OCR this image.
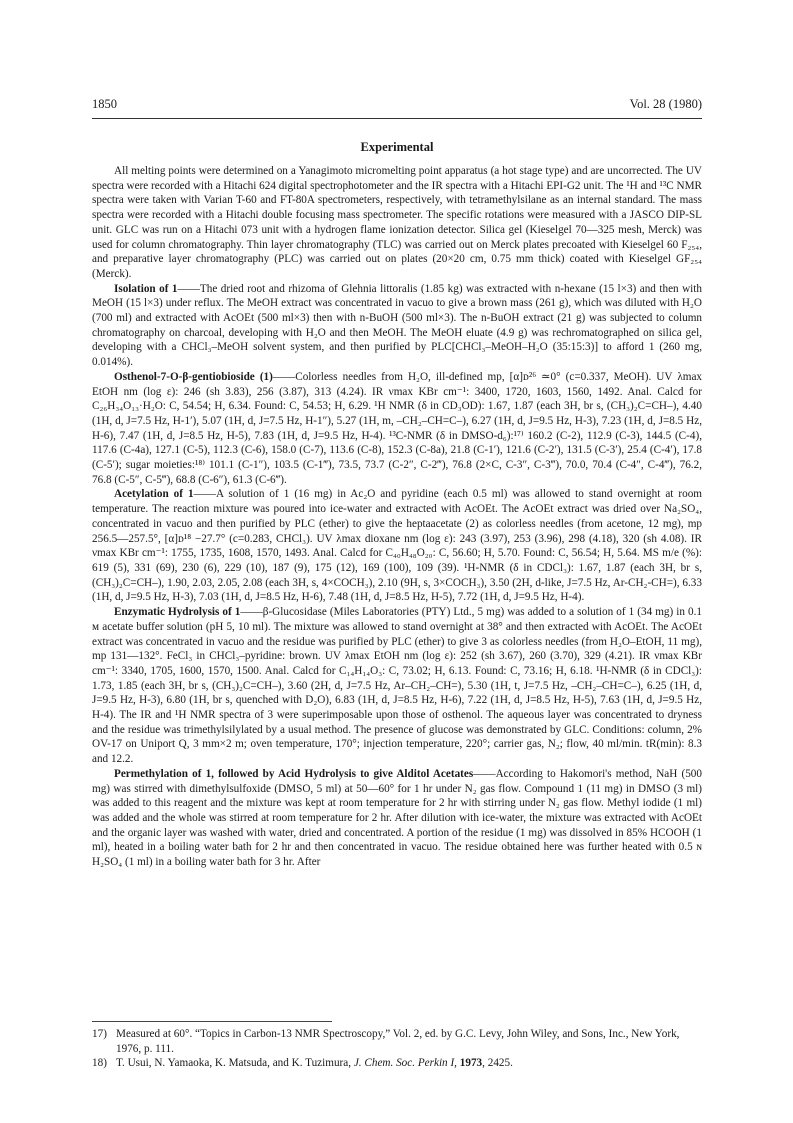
1850	Vol. 28 (1980)
Experimental

All melting points were determined on a Yanagimoto micromelting point apparatus (a hot stage type) and are uncorrected. The UV spectra were recorded with a Hitachi 624 digital spectrophotometer and the IR spectra with a Hitachi EPI-G2 unit. The ¹H and ¹³C NMR spectra were taken with Varian T-60 and FT-80A spectrometers, respectively, with tetramethylsilane as an internal standard. The mass spectra were recorded with a Hitachi double focusing mass spectrometer. The specific rotations were measured with a JASCO DIP-SL unit. GLC was run on a Hitachi 073 unit with a hydrogen flame ionization detector. Silica gel (Kieselgel 70—325 mesh, Merck) was used for column chromatography. Thin layer chromatography (TLC) was carried out on Merck plates precoated with Kieselgel 60 F₂₅₄, and preparative layer chromatography (PLC) was carried out on plates (20×20 cm, 0.75 mm thick) coated with Kieselgel GF₂₅₄ (Merck).

Isolation of 1——The dried root and rhizoma of Glehnia littoralis (1.85 kg) was extracted with n-hexane (15 l×3) and then with MeOH (15 l×3) under reflux. The MeOH extract was concentrated in vacuo to give a brown mass (261 g), which was diluted with H₂O (700 ml) and extracted with AcOEt (500 ml×3) then with n-BuOH (500 ml×3). The n-BuOH extract (21 g) was subjected to column chromatography on charcoal, developing with H₂O and then MeOH. The MeOH eluate (4.9 g) was rechromatographed on silica gel, developing with a CHCl₃–MeOH solvent system, and then purified by PLC[CHCl₃–MeOH–H₂O (35:15:3)] to afford 1 (260 mg, 0.014%).

Osthenol-7-O-β-gentiobioside (1)——Colorless needles from H₂O, ill-defined mp, [α]ᴅ²⁶ ≃0° (c=0.337, MeOH). UV λmax EtOH nm (log ε): 246 (sh 3.83), 256 (3.87), 313 (4.24). IR νmax KBr cm⁻¹: 3400, 1720, 1603, 1560, 1492. Anal. Calcd for C₂₆H₃₄O₁₃·H₂O: C, 54.54; H, 6.34. Found: C, 54.53; H, 6.29. ¹H NMR (δ in CD₃OD): 1.67, 1.87 (each 3H, br s, (CH₃)₂C=CH–), 4.40 (1H, d, J=7.5 Hz, H-1′), 5.07 (1H, d, J=7.5 Hz, H-1″), 5.27 (1H, m, –CH₂–CH=C–), 6.27 (1H, d, J=9.5 Hz, H-3), 7.23 (1H, d, J=8.5 Hz, H-6), 7.47 (1H, d, J=8.5 Hz, H-5), 7.83 (1H, d, J=9.5 Hz, H-4). ¹³C-NMR (δ in DMSO-d₆):¹⁷⁾ 160.2 (C-2), 112.9 (C-3), 144.5 (C-4), 117.6 (C-4a), 127.1 (C-5), 112.3 (C-6), 158.0 (C-7), 113.6 (C-8), 152.3 (C-8a), 21.8 (C-1′), 121.6 (C-2′), 131.5 (C-3′), 25.4 (C-4′), 17.8 (C-5′); sugar moieties:¹⁸⁾ 101.1 (C-1″), 103.5 (C-1‴), 73.5, 73.7 (C-2″, C-2‴), 76.8 (2×C, C-3″, C-3‴), 70.0, 70.4 (C-4″, C-4‴), 76.2, 76.8 (C-5″, C-5‴), 68.8 (C-6″), 61.3 (C-6‴).

Acetylation of 1——A solution of 1 (16 mg) in Ac₂O and pyridine (each 0.5 ml) was allowed to stand overnight at room temperature. The reaction mixture was poured into ice-water and extracted with AcOEt. The AcOEt extract was dried over Na₂SO₄, concentrated in vacuo and then purified by PLC (ether) to give the heptaacetate (2) as colorless needles (from acetone, 12 mg), mp 256.5—257.5°, [α]ᴅ¹⁸ −27.7° (c=0.283, CHCl₃). UV λmax dioxane nm (log ε): 243 (3.97), 253 (3.96), 298 (4.18), 320 (sh 4.08). IR νmax KBr cm⁻¹: 1755, 1735, 1608, 1570, 1493. Anal. Calcd for C₄₀H₄₈O₂₀: C, 56.60; H, 5.70. Found: C, 56.54; H, 5.64. MS m/e (%): 619 (5), 331 (69), 230 (6), 229 (10), 187 (9), 175 (12), 169 (100), 109 (39). ¹H-NMR (δ in CDCl₃): 1.67, 1.87 (each 3H, br s, (CH₃)₂C=CH–), 1.90, 2.03, 2.05, 2.08 (each 3H, s, 4×COCH₃), 2.10 (9H, s, 3×COCH₃), 3.50 (2H, d-like, J=7.5 Hz, Ar-CH₂-CH=), 6.33 (1H, d, J=9.5 Hz, H-3), 7.03 (1H, d, J=8.5 Hz, H-6), 7.48 (1H, d, J=8.5 Hz, H-5), 7.72 (1H, d, J=9.5 Hz, H-4).

Enzymatic Hydrolysis of 1——β-Glucosidase (Miles Laboratories (PTY) Ltd., 5 mg) was added to a solution of 1 (34 mg) in 0.1 ᴍ acetate buffer solution (pH 5, 10 ml). The mixture was allowed to stand overnight at 38° and then extracted with AcOEt. The AcOEt extract was concentrated in vacuo and the residue was purified by PLC (ether) to give 3 as colorless needles (from H₂O–EtOH, 11 mg), mp 131—132°. FeCl₃ in CHCl₃–pyridine: brown. UV λmax EtOH nm (log ε): 252 (sh 3.67), 260 (3.70), 329 (4.21). IR νmax KBr cm⁻¹: 3340, 1705, 1600, 1570, 1500. Anal. Calcd for C₁₄H₁₄O₃: C, 73.02; H, 6.13. Found: C, 73.16; H, 6.18. ¹H-NMR (δ in CDCl₃): 1.73, 1.85 (each 3H, br s, (CH₃)₂C=CH–), 3.60 (2H, d, J=7.5 Hz, Ar–CH₂–CH=), 5.30 (1H, t, J=7.5 Hz, –CH₂–CH=C–), 6.25 (1H, d, J=9.5 Hz, H-3), 6.80 (1H, br s, quenched with D₂O), 6.83 (1H, d, J=8.5 Hz, H-6), 7.22 (1H, d, J=8.5 Hz, H-5), 7.63 (1H, d, J=9.5 Hz, H-4). The IR and ¹H NMR spectra of 3 were superimposable upon those of osthenol. The aqueous layer was concentrated to dryness and the residue was trimethylsilylated by a usual method. The presence of glucose was demonstrated by GLC. Conditions: column, 2% OV-17 on Uniport Q, 3 mm×2 m; oven temperature, 170°; injection temperature, 220°; carrier gas, N₂; flow, 40 ml/min. tR(min): 8.3 and 12.2.

Permethylation of 1, followed by Acid Hydrolysis to give Alditol Acetates——According to Hakomori's method, NaH (500 mg) was stirred with dimethylsulfoxide (DMSO, 5 ml) at 50—60° for 1 hr under N₂ gas flow. Compound 1 (11 mg) in DMSO (3 ml) was added to this reagent and the mixture was kept at room temperature for 2 hr with stirring under N₂ gas flow. Methyl iodide (1 ml) was added and the whole was stirred at room temperature for 2 hr. After dilution with ice-water, the mixture was extracted with AcOEt and the organic layer was washed with water, dried and concentrated. A portion of the residue (1 mg) was dissolved in 85% HCOOH (1 ml), heated in a boiling water bath for 2 hr and then concentrated in vacuo. The residue obtained here was further heated with 0.5 ɴ H₂SO₄ (1 ml) in a boiling water bath for 3 hr. After

17) Measured at 60°. “Topics in Carbon-13 NMR Spectroscopy,” Vol. 2, ed. by G.C. Levy, John Wiley, and Sons, Inc., New York, 1976, p. 111.
18) T. Usui, N. Yamaoka, K. Matsuda, and K. Tuzimura, J. Chem. Soc. Perkin I, 1973, 2425.
